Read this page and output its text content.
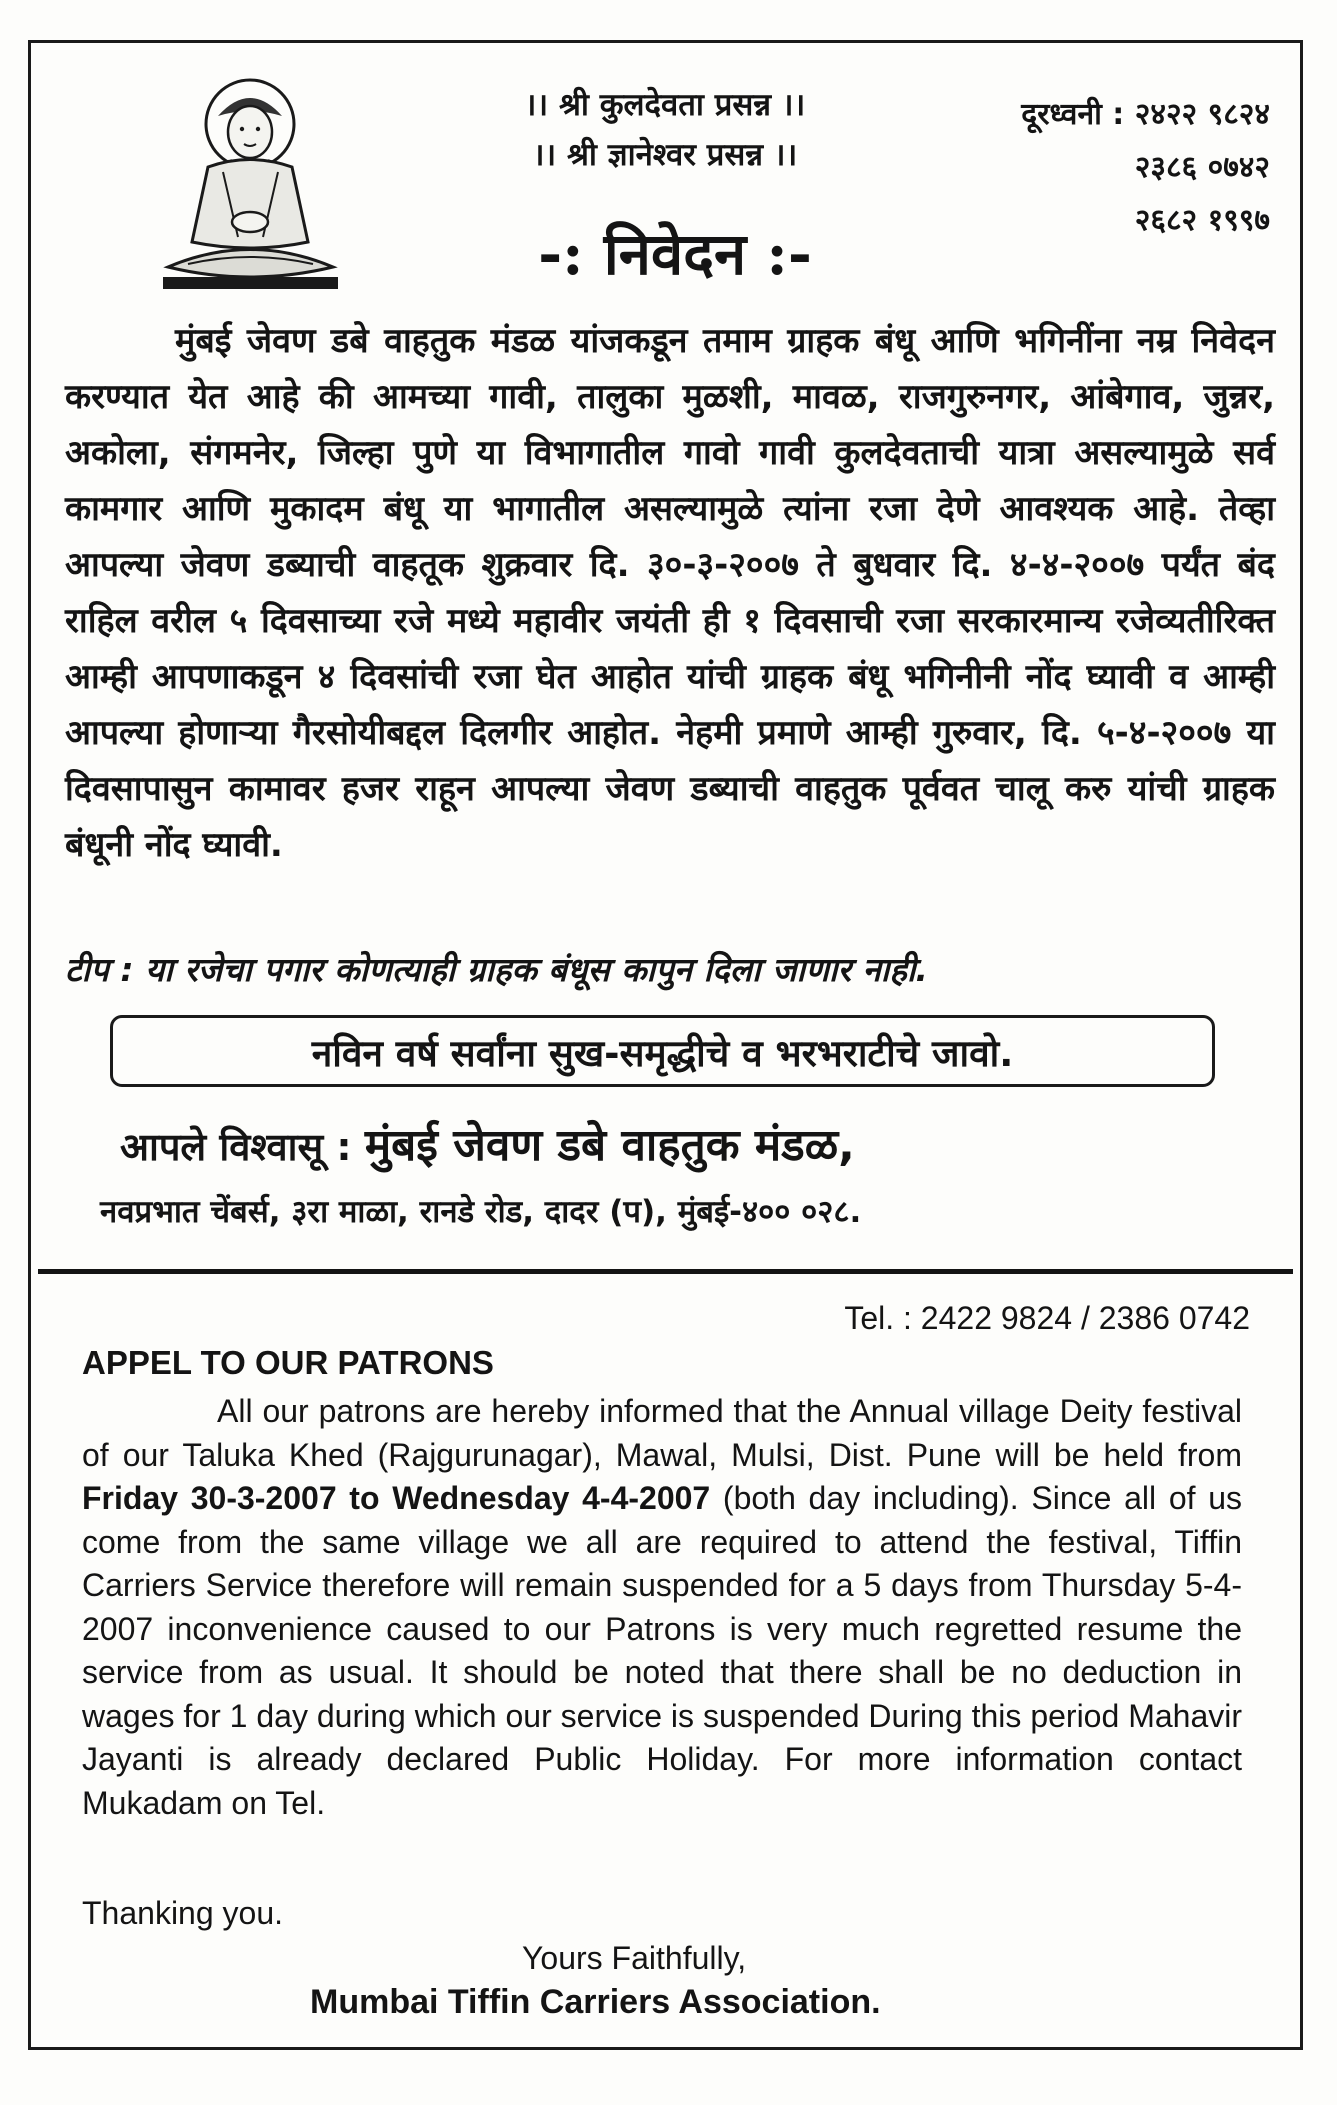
।। श्री कुलदेवता प्रसन्न ।।
।। श्री ज्ञानेश्वर प्रसन्न ।।
दूरध्वनी : २४२२ ९८२४
२३८६ ०७४२
२६८२ १९९७
-: निवेदन :-

मुंबई जेवण डबे वाहतुक मंडळ यांजकडून तमाम ग्राहक बंधू आणि भगिनींना नम्र निवेदन करण्यात येत आहे की आमच्या गावी, तालुका मुळशी, मावळ, राजगुरुनगर, आंबेगाव, जुन्नर, अकोला, संगमनेर, जिल्हा पुणे या विभागातील गावो गावी कुलदेवताची यात्रा असल्यामुळे सर्व कामगार आणि मुकादम बंधू या भागातील असल्यामुळे त्यांना रजा देणे आवश्यक आहे. तेव्हा आपल्या जेवण डब्याची वाहतूक शुक्रवार दि. ३०-३-२००७ ते बुधवार दि. ४-४-२००७ पर्यंत बंद राहिल वरील ५ दिवसाच्या रजे मध्ये महावीर जयंती ही १ दिवसाची रजा सरकारमान्य रजेव्यतीरिक्त आम्ही आपणाकडून ४ दिवसांची रजा घेत आहोत यांची ग्राहक बंधू भगिनीनी नोंद घ्यावी व आम्ही आपल्या होणाऱ्या गैरसोयीबद्दल दिलगीर आहोत. नेहमी प्रमाणे आम्ही गुरुवार, दि. ५-४-२००७ या दिवसापासुन कामावर हजर राहून आपल्या जेवण डब्याची वाहतुक पूर्ववत चालू करु यांची ग्राहक बंधूनी नोंद घ्यावी.

टीप : या रजेचा पगार कोणत्याही ग्राहक बंधूस कापुन दिला जाणार नाही.
नविन वर्ष सर्वांना सुख-समृद्धीचे व भरभराटीचे जावो.
आपले विश्वासू : मुंबई जेवण डबे वाहतुक मंडळ,
नवप्रभात चेंबर्स, ३रा माळा, रानडे रोड, दादर (प), मुंबई-४०० ०२८.
Tel. : 2422 9824 / 2386 0742
APPEL TO OUR PATRONS

All our patrons are hereby informed that the Annual village Deity festival of our Taluka Khed (Rajgurunagar), Mawal, Mulsi, Dist. Pune will be held from Friday 30-3-2007 to Wednesday 4-4-2007 (both day including). Since all of us come from the same village we all are required to attend the festival, Tiffin Carriers Service therefore will remain suspended for a 5 days from Thursday 5-4-2007 inconvenience caused to our Patrons is very much regretted resume the service from as usual. It should be noted that there shall be no deduction in wages for 1 day during which our service is suspended During this period Mahavir Jayanti is already declared Public Holiday. For more information contact Mukadam on Tel.

Thanking you.
Yours Faithfully,
Mumbai Tiffin Carriers Association.
